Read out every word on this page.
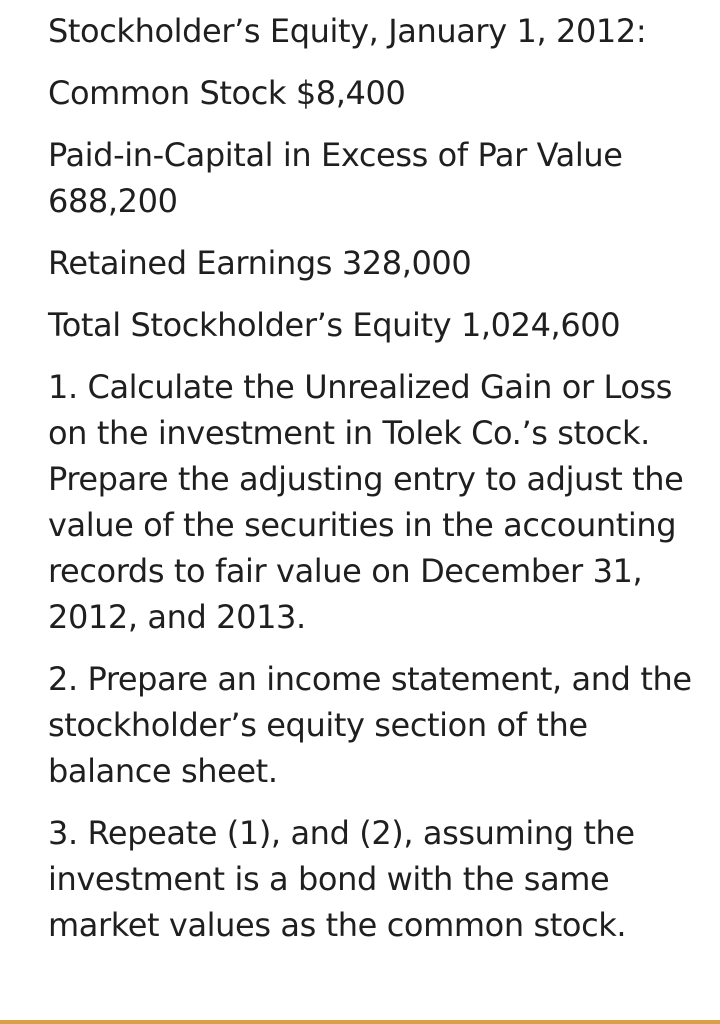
Stockholder’s Equity, January 1, 2012:

Common Stock $8,400

Paid-in-Capital in Excess of Par Value 688,200

Retained Earnings 328,000

Total Stockholder’s Equity 1,024,600

1. Calculate the Unrealized Gain or Loss on the investment in Tolek Co.’s stock. Prepare the adjusting entry to adjust the value of the securities in the accounting records to fair value on December 31, 2012, and 2013.

2. Prepare an income statement, and the stockholder’s equity section of the balance sheet.

3. Repeate (1), and (2), assuming the investment is a bond with the same market values as the common stock.
